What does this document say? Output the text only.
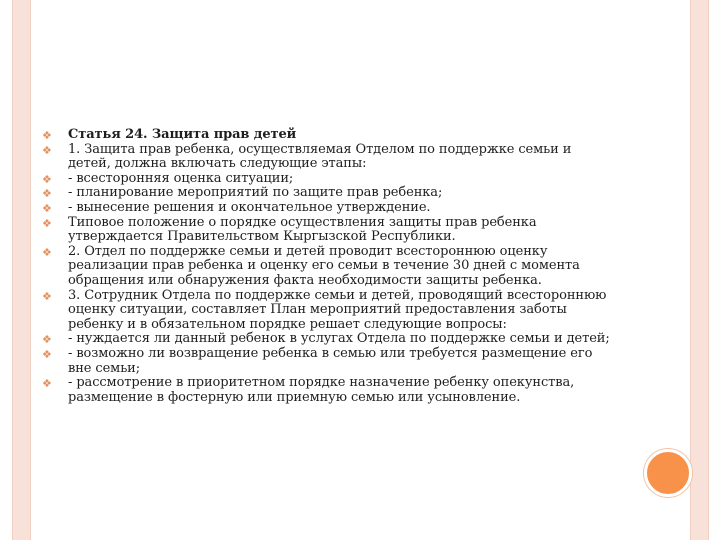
❖ Статья 24. Защита прав детей
❖ 1. Защита прав ребенка, осуществляемая Отделом по поддержке семьи и детей, должна включать следующие этапы:
❖ - всесторонняя оценка ситуации;
❖ - планирование мероприятий по защите прав ребенка;
❖ - вынесение решения и окончательное утверждение.
❖ Типовое положение о порядке осуществления защиты прав ребенка утверждается Правительством Кыргызской Республики.
❖ 2. Отдел по поддержке семьи и детей проводит всестороннюю оценку реализации прав ребенка и оценку его семьи в течение 30 дней с момента обращения или обнаружения факта необходимости защиты ребенка.
❖ 3. Сотрудник Отдела по поддержке семьи и детей, проводящий всестороннюю оценку ситуации, составляет План мероприятий предоставления заботы ребенку и в обязательном порядке решает следующие вопросы:
❖ - нуждается ли данный ребенок в услугах Отдела по поддержке семьи и детей;
❖ - возможно ли возвращение ребенка в семью или требуется размещение его вне семьи;
❖ - рассмотрение в приоритетном порядке назначение ребенку опекунства, размещение в фостерную или приемную семью или усыновление.
